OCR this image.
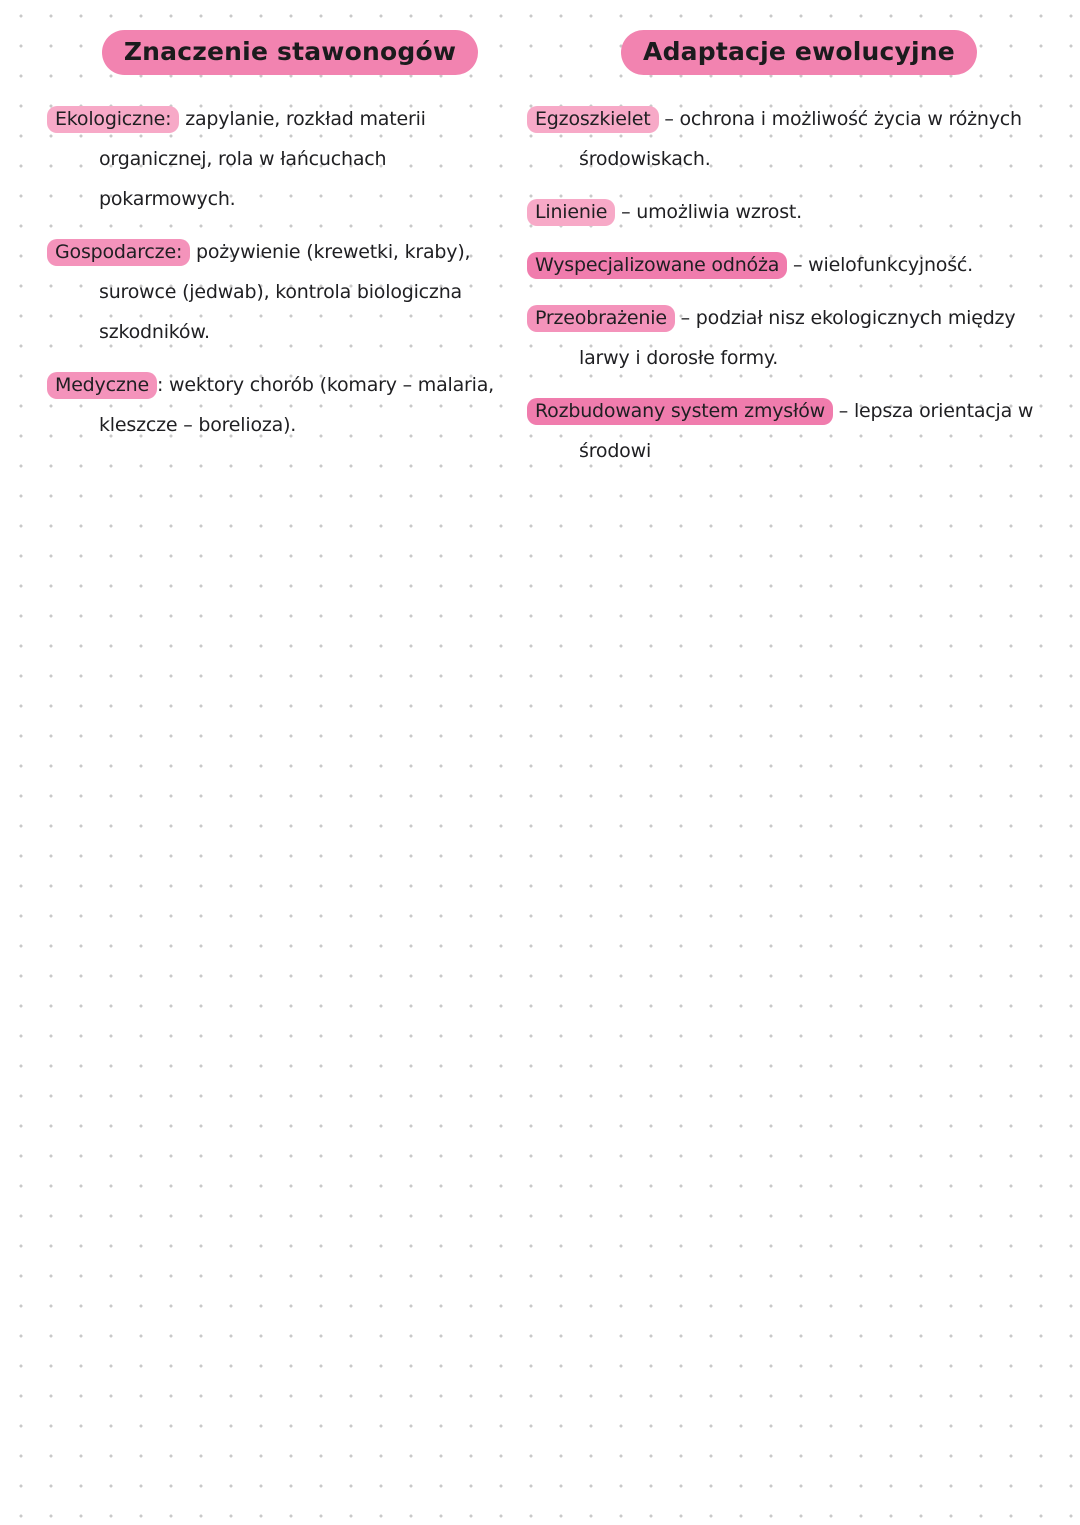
Znaczenie stawonogów
Ekologiczne: zapylanie, rozkład materii
organicznej, rola w łańcuchach
pokarmowych.
Gospodarcze: pożywienie (krewetki, kraby),
surowce (jedwab), kontrola biologiczna
szkodników.
Medyczne : wektory chorób (komary – malaria,
kleszcze – borelioza).
Adaptacje ewolucyjne
Egzoszkielet – ochrona i możliwość życia w różnych
środowiskach.
Linienie – umożliwia wzrost.
Wyspecjalizowane odnóża – wielofunkcyjność.
Przeobrażenie – podział nisz ekologicznych między
larwy i dorosłe formy.
Rozbudowany system zmysłów – lepsza orientacja w
środowi
